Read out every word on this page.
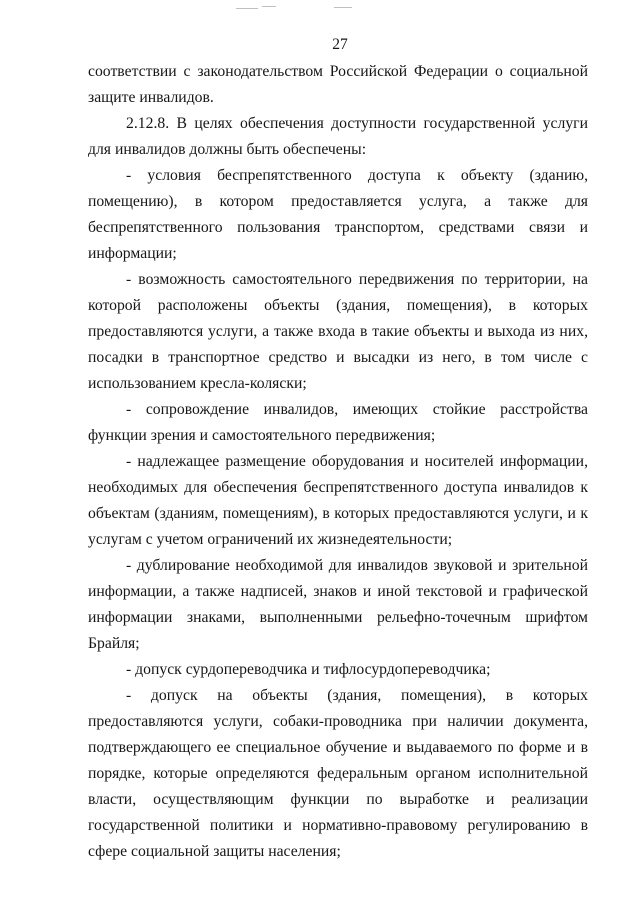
27

соответствии с законодательством Российской Федерации о социальной защите инвалидов.

2.12.8. В целях обеспечения доступности государственной услуги для инвалидов должны быть обеспечены:

- условия беспрепятственного доступа к объекту (зданию, помещению), в котором предоставляется услуга, а также для беспрепятственного пользования транспортом, средствами связи и информации;

- возможность самостоятельного передвижения по территории, на которой расположены объекты (здания, помещения), в которых предоставляются услуги, а также входа в такие объекты и выхода из них, посадки в транспортное средство и высадки из него, в том числе с использованием кресла-коляски;

- сопровождение инвалидов, имеющих стойкие расстройства функции зрения и самостоятельного передвижения;

- надлежащее размещение оборудования и носителей информации, необходимых для обеспечения беспрепятственного доступа инвалидов к объектам (зданиям, помещениям), в которых предоставляются услуги, и к услугам с учетом ограничений их жизнедеятельности;

- дублирование необходимой для инвалидов звуковой и зрительной информации, а также надписей, знаков и иной текстовой и графической информации знаками, выполненными рельефно-точечным шрифтом Брайля;

- допуск сурдопереводчика и тифлосурдопереводчика;

- допуск на объекты (здания, помещения), в которых предоставляются услуги, собаки-проводника при наличии документа, подтверждающего ее специальное обучение и выдаваемого по форме и в порядке, которые определяются федеральным органом исполнительной власти, осуществляющим функции по выработке и реализации государственной политики и нормативно-правовому регулированию в сфере социальной защиты населения;
